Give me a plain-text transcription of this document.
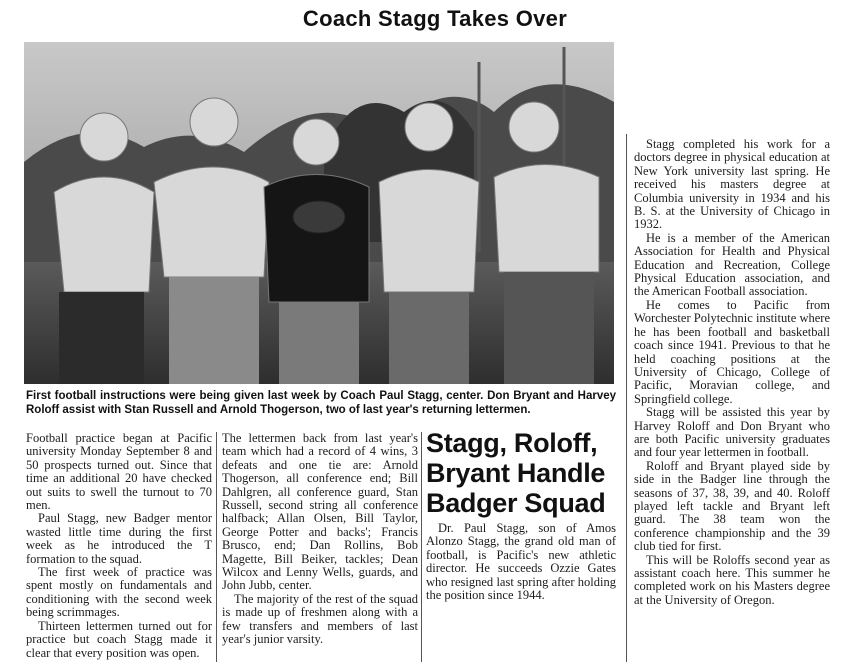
Coach Stagg Takes Over
First football instructions were being given last week by Coach Paul Stagg, center. Don Bryant and Harvey Roloff assist with Stan Russell and Arnold Thogerson, two of last year's returning lettermen.

Football practice began at Pacific university Monday September 8 and 50 prospects turned out. Since that time an additional 20 have checked out suits to swell the turnout to 70 men.

Paul Stagg, new Badger mentor wasted little time during the first week as he introduced the T formation to the squad.

The first week of practice was spent mostly on fundamentals and conditioning with the second week being scrimmages.

Thirteen lettermen turned out for practice but coach Stagg made it clear that every position was open.

The lettermen back from last year's team which had a record of 4 wins, 3 defeats and one tie are: Arnold Thogerson, all conference end; Bill Dahlgren, all conference guard, Stan Russell, second string all conference halfback; Allan Olsen, Bill Taylor, George Potter and backs'; Francis Brusco, end; Dan Rollins, Bob Magette, Bill Beiker, tackles; Dean Wilcox and Lenny Wells, guards, and John Jubb, center.

The majority of the rest of the squad is made up of freshmen along with a few transfers and members of last year's junior varsity.

Stagg, Roloff,
Bryant Handle
Badger Squad

Dr. Paul Stagg, son of Amos Alonzo Stagg, the grand old man of football, is Pacific's new athletic director. He succeeds Ozzie Gates who resigned last spring after holding the position since 1944.

Stagg completed his work for a doctors degree in physical education at New York university last spring. He received his masters degree at Columbia university in 1934 and his B. S. at the University of Chicago in 1932.

He is a member of the American Association for Health and Physical Education and Recreation, College Physical Education association, and the American Football association.

He comes to Pacific from Worchester Polytechnic institute where he has been football and basketball coach since 1941. Previous to that he held coaching positions at the University of Chicago, College of Pacific, Moravian college, and Springfield college.

Stagg will be assisted this year by Harvey Roloff and Don Bryant who are both Pacific university graduates and four year lettermen in football.

Roloff and Bryant played side by side in the Badger line through the seasons of 37, 38, 39, and 40. Roloff played left tackle and Bryant left guard. The 38 team won the conference championship and the 39 club tied for first.

This will be Roloffs second year as assistant coach here. This summer he completed work on his Masters degree at the University of Oregon.
